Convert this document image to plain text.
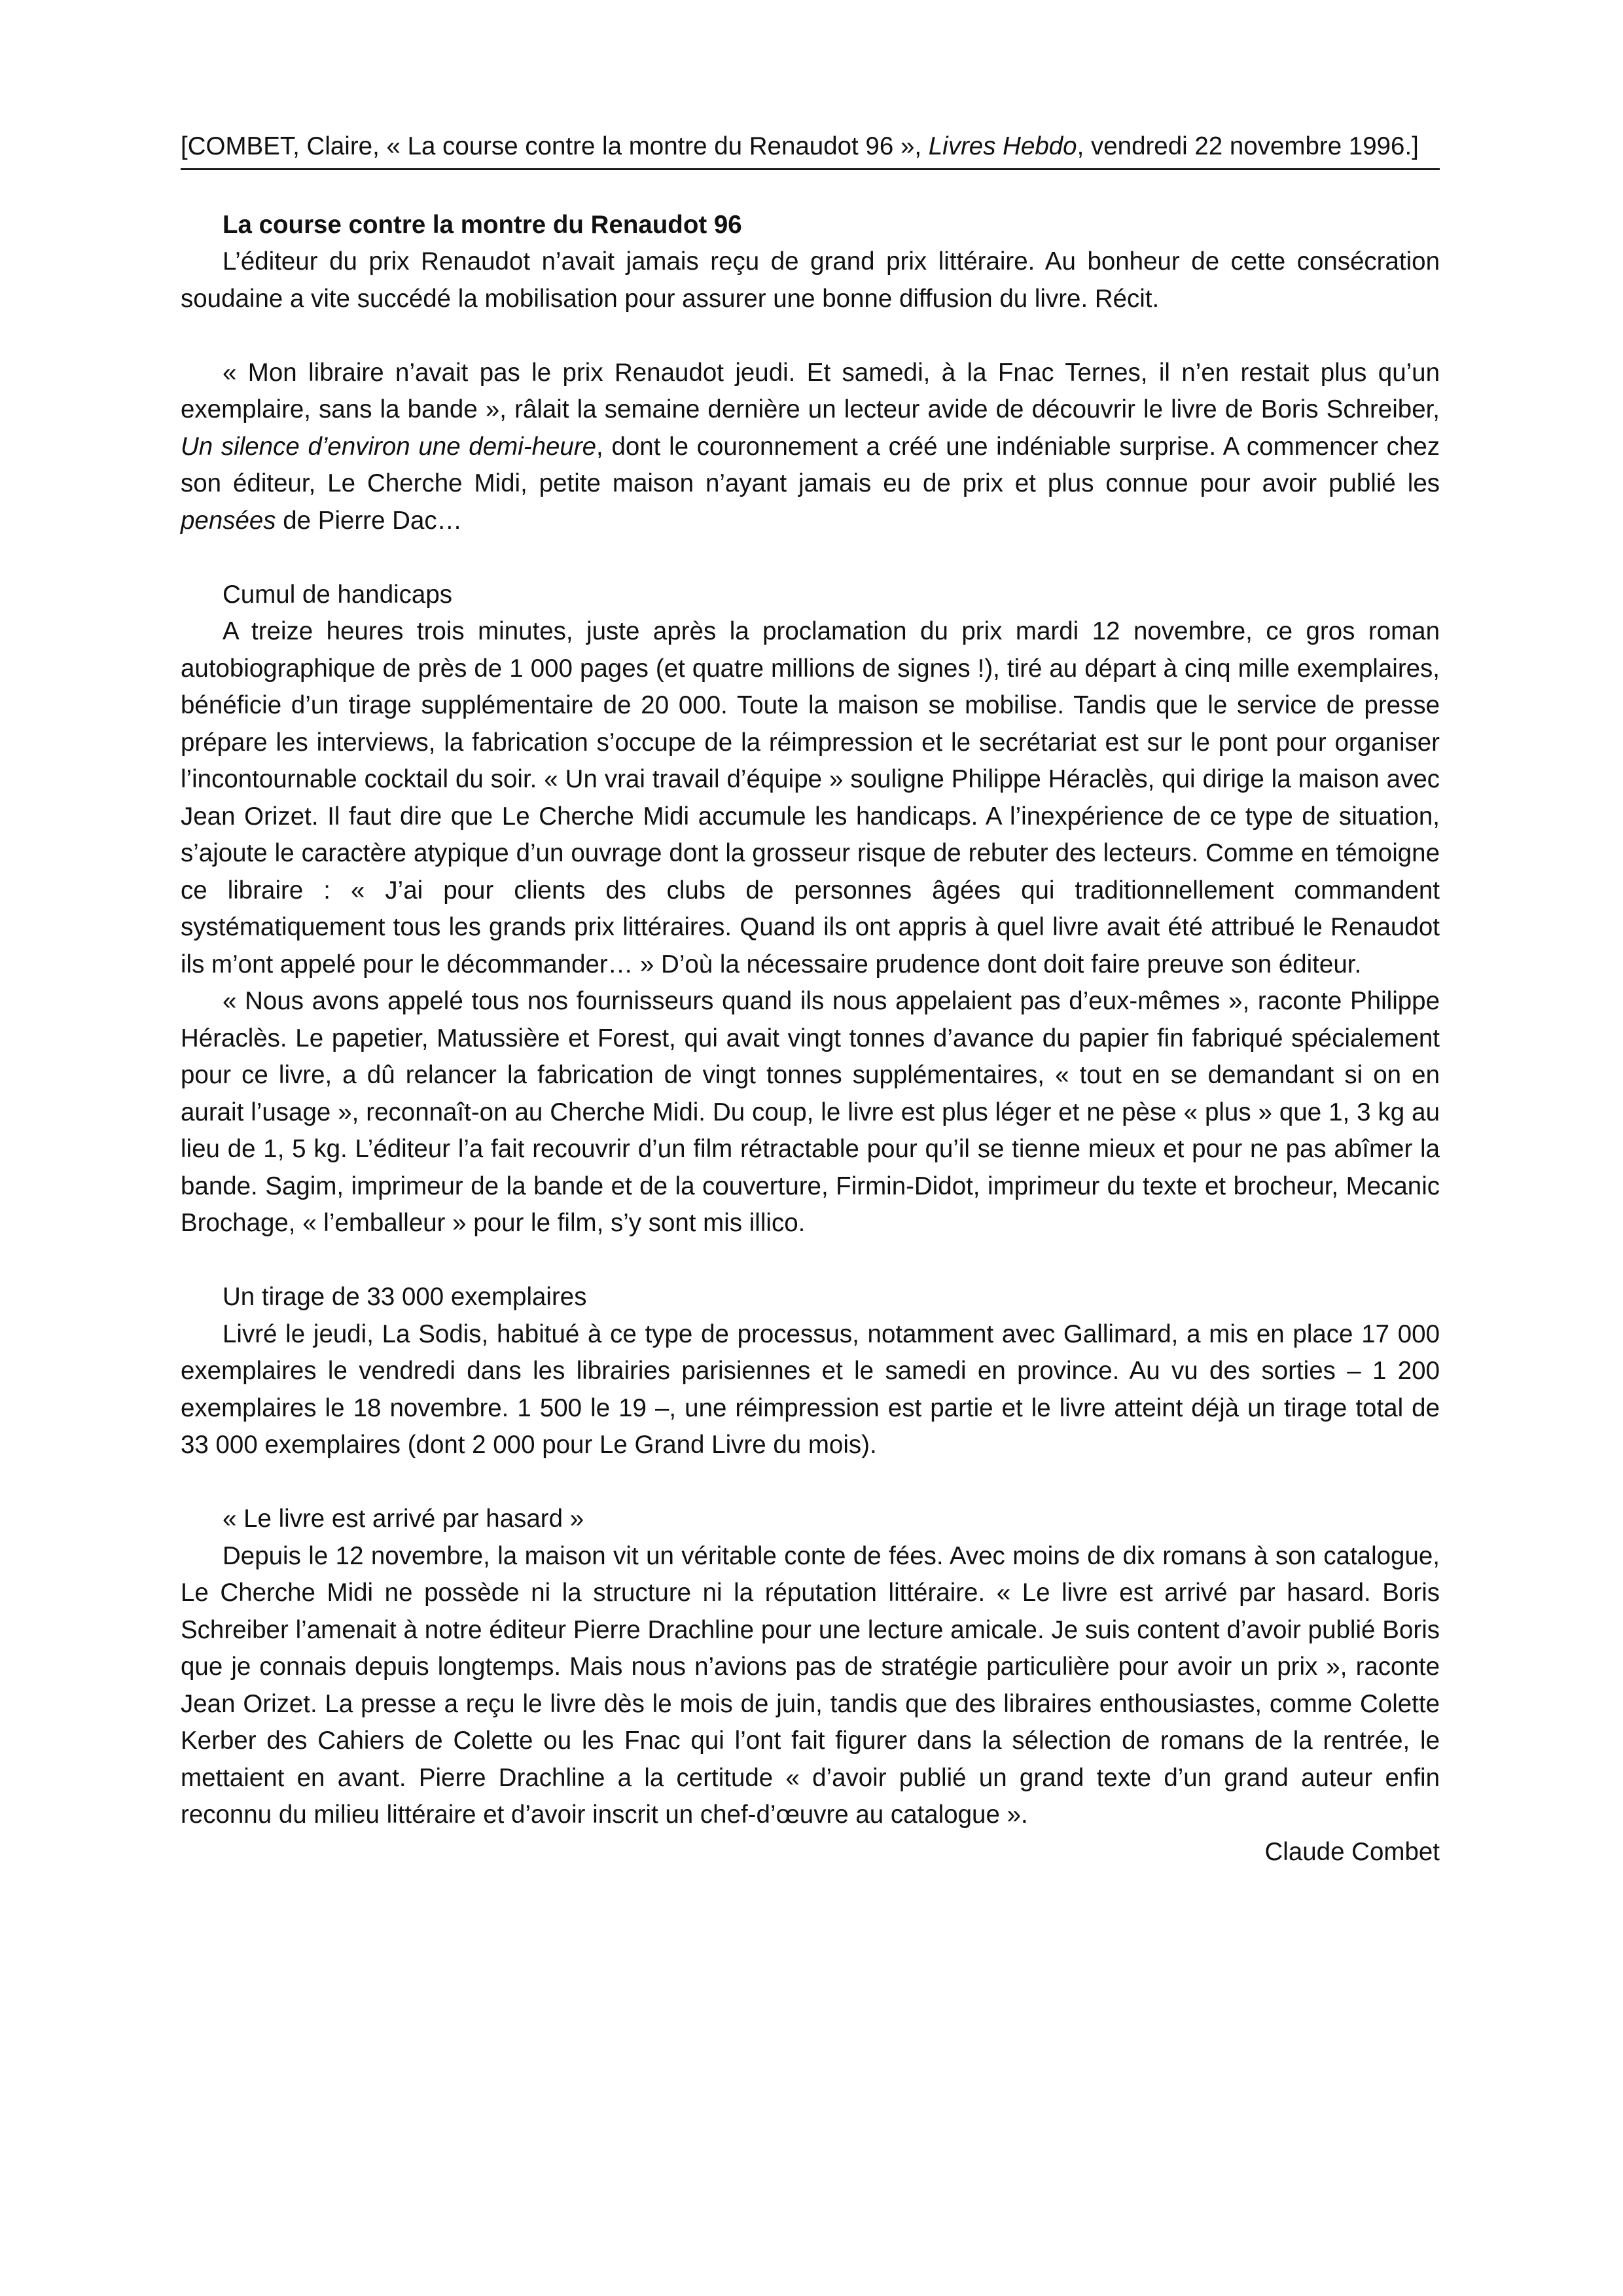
[COMBET, Claire, « La course contre la montre du Renaudot 96 », Livres Hebdo, vendredi 22 novembre 1996.]

La course contre la montre du Renaudot 96

L’éditeur du prix Renaudot n’avait jamais reçu de grand prix littéraire. Au bonheur de cette consécration soudaine a vite succédé la mobilisation pour assurer une bonne diffusion du livre. Récit.

« Mon libraire n’avait pas le prix Renaudot jeudi. Et samedi, à la Fnac Ternes, il n’en restait plus qu’un exemplaire, sans la bande », râlait la semaine dernière un lecteur avide de découvrir le livre de Boris Schreiber, Un silence d’environ une demi-heure, dont le couronnement a créé une indéniable surprise. A commencer chez son éditeur, Le Cherche Midi, petite maison n’ayant jamais eu de prix et plus connue pour avoir publié les pensées de Pierre Dac…

Cumul de handicaps

A treize heures trois minutes, juste après la proclamation du prix mardi 12 novembre, ce gros roman autobiographique de près de 1 000 pages (et quatre millions de signes !), tiré au départ à cinq mille exemplaires, bénéficie d’un tirage supplémentaire de 20 000. Toute la maison se mobilise. Tandis que le service de presse prépare les interviews, la fabrication s’occupe de la réimpression et le secrétariat est sur le pont pour organiser l’incontournable cocktail du soir. « Un vrai travail d’équipe » souligne Philippe Héraclès, qui dirige la maison avec Jean Orizet. Il faut dire que Le Cherche Midi accumule les handicaps. A l’inexpérience de ce type de situation, s’ajoute le caractère atypique d’un ouvrage dont la grosseur risque de rebuter des lecteurs. Comme en témoigne ce libraire : « J’ai pour clients des clubs de personnes âgées qui traditionnellement commandent systématiquement tous les grands prix littéraires. Quand ils ont appris à quel livre avait été attribué le Renaudot ils m’ont appelé pour le décommander… » D’où la nécessaire prudence dont doit faire preuve son éditeur.

« Nous avons appelé tous nos fournisseurs quand ils nous appelaient pas d’eux-mêmes », raconte Philippe Héraclès. Le papetier, Matussière et Forest, qui avait vingt tonnes d’avance du papier fin fabriqué spécialement pour ce livre, a dû relancer la fabrication de vingt tonnes supplémentaires, « tout en se demandant si on en aurait l’usage », reconnaît-on au Cherche Midi. Du coup, le livre est plus léger et ne pèse « plus » que 1, 3 kg au lieu de 1, 5 kg. L’éditeur l’a fait recouvrir d’un film rétractable pour qu’il se tienne mieux et pour ne pas abîmer la bande. Sagim, imprimeur de la bande et de la couverture, Firmin-Didot, imprimeur du texte et brocheur, Mecanic Brochage, « l’emballeur » pour le film, s’y sont mis illico.

Un tirage de 33 000 exemplaires

Livré le jeudi, La Sodis, habitué à ce type de processus, notamment avec Gallimard, a mis en place 17 000 exemplaires le vendredi dans les librairies parisiennes et le samedi en province. Au vu des sorties – 1 200 exemplaires le 18 novembre. 1 500 le 19 –, une réimpression est partie et le livre atteint déjà un tirage total de 33 000 exemplaires (dont 2 000 pour Le Grand Livre du mois).

« Le livre est arrivé par hasard »

Depuis le 12 novembre, la maison vit un véritable conte de fées. Avec moins de dix romans à son catalogue, Le Cherche Midi ne possède ni la structure ni la réputation littéraire. « Le livre est arrivé par hasard. Boris Schreiber l’amenait à notre éditeur Pierre Drachline pour une lecture amicale. Je suis content d’avoir publié Boris que je connais depuis longtemps. Mais nous n’avions pas de stratégie particulière pour avoir un prix », raconte Jean Orizet. La presse a reçu le livre dès le mois de juin, tandis que des libraires enthousiastes, comme Colette Kerber des Cahiers de Colette ou les Fnac qui l’ont fait figurer dans la sélection de romans de la rentrée, le mettaient en avant. Pierre Drachline a la certitude « d’avoir publié un grand texte d’un grand auteur enfin reconnu du milieu littéraire et d’avoir inscrit un chef-d’œuvre au catalogue ».

Claude Combet
